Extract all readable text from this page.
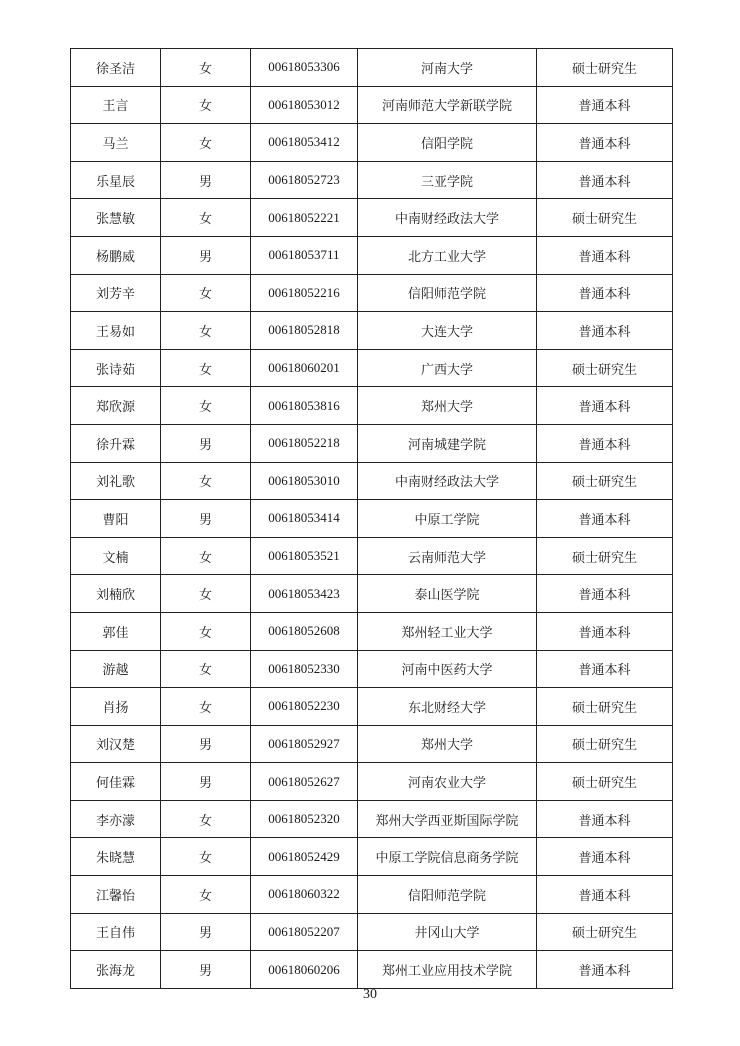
徐圣洁	女	00618053306	河南大学	硕士研究生
王言	女	00618053012	河南师范大学新联学院	普通本科
马兰	女	00618053412	信阳学院	普通本科
乐星辰	男	00618052723	三亚学院	普通本科
张慧敏	女	00618052221	中南财经政法大学	硕士研究生
杨鹏威	男	00618053711	北方工业大学	普通本科
刘芳辛	女	00618052216	信阳师范学院	普通本科
王易如	女	00618052818	大连大学	普通本科
张诗茹	女	00618060201	广西大学	硕士研究生
郑欣源	女	00618053816	郑州大学	普通本科
徐升霖	男	00618052218	河南城建学院	普通本科
刘礼歌	女	00618053010	中南财经政法大学	硕士研究生
曹阳	男	00618053414	中原工学院	普通本科
文楠	女	00618053521	云南师范大学	硕士研究生
刘楠欣	女	00618053423	泰山医学院	普通本科
郭佳	女	00618052608	郑州轻工业大学	普通本科
游越	女	00618052330	河南中医药大学	普通本科
肖扬	女	00618052230	东北财经大学	硕士研究生
刘汉楚	男	00618052927	郑州大学	硕士研究生
何佳霖	男	00618052627	河南农业大学	硕士研究生
李亦濛	女	00618052320	郑州大学西亚斯国际学院	普通本科
朱晓慧	女	00618052429	中原工学院信息商务学院	普通本科
江馨怡	女	00618060322	信阳师范学院	普通本科
王自伟	男	00618052207	井冈山大学	硕士研究生
张海龙	男	00618060206	郑州工业应用技术学院	普通本科
30
